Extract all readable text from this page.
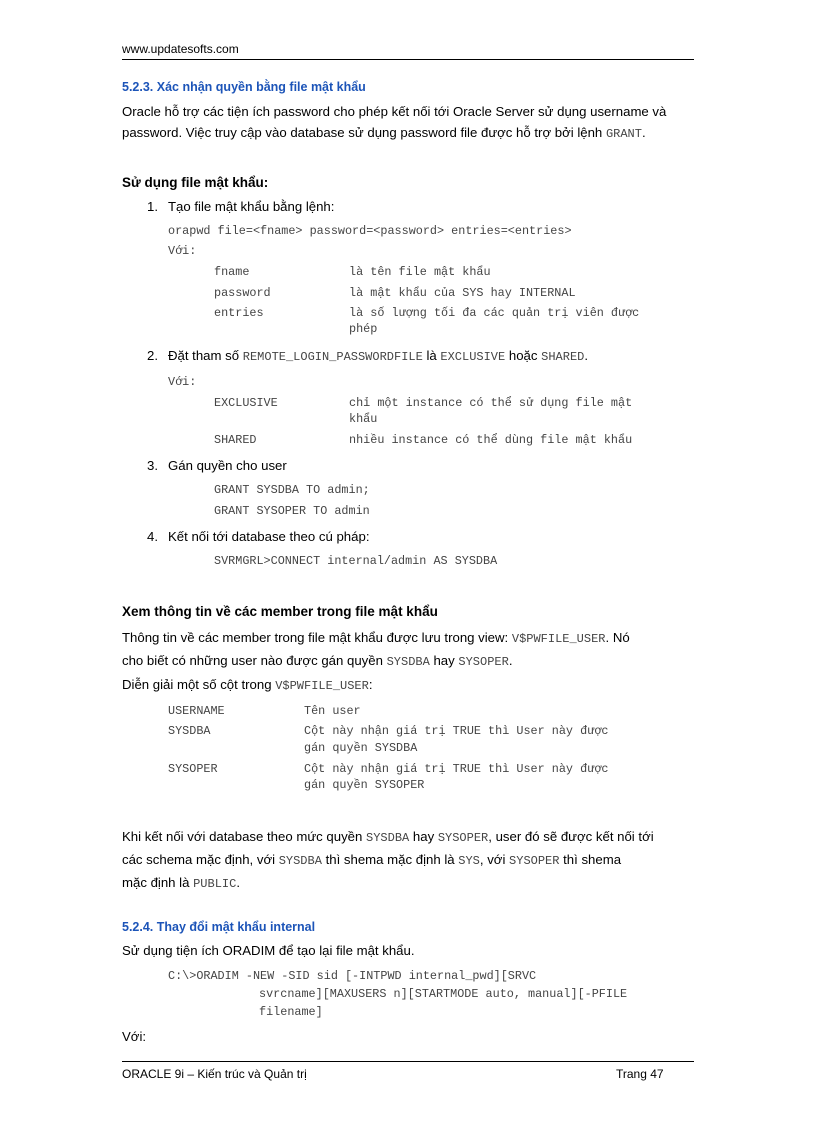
www.updatesofts.com
5.2.3. Xác nhận quyền bằng file mật khẩu
Oracle hỗ trợ các tiện ích password cho phép kết nối tới Oracle Server sử dụng username và
password. Việc truy cập vào database sử dụng password file được hỗ trợ bởi lệnh GRANT.
Sử dụng file mật khẩu:
1. Tạo file mật khẩu bằng lệnh:
orapwd file=<fname> password=<password> entries=<entries>
Với:
fname	là tên file mật khẩu
password	là mật khẩu của SYS hay INTERNAL
entries	là số lượng tối đa các quản trị viên được
phép
2. Đặt tham số REMOTE_LOGIN_PASSWORDFILE là EXCLUSIVE hoặc SHARED.
Với:
EXCLUSIVE	chỉ một instance có thể sử dụng file mật
khẩu
SHARED	nhiều instance có thể dùng file mật khẩu
3. Gán quyền cho user
GRANT SYSDBA TO admin;
GRANT SYSOPER TO admin
4. Kết nối tới database theo cú pháp:
SVRMGRL>CONNECT internal/admin AS SYSDBA
Xem thông tin về các member trong file mật khẩu
Thông tin về các member trong file mật khẩu được lưu trong view: V$PWFILE_USER. Nó
cho biết có những user nào được gán quyền SYSDBA hay SYSOPER.
Diễn giải một số cột trong V$PWFILE_USER:
USERNAME	Tên user
SYSDBA	Cột này nhận giá trị TRUE thì User này được
gán quyền SYSDBA
SYSOPER	Cột này nhận giá trị TRUE thì User này được
gán quyền SYSOPER
Khi kết nối với database theo mức quyền SYSDBA hay SYSOPER, user đó sẽ được kết nối tới
các schema mặc định, với SYSDBA thì shema mặc định là SYS, với SYSOPER thì shema
mặc định là PUBLIC.
5.2.4. Thay đổi mật khẩu internal
Sử dụng tiện ích ORADIM để tạo lại file mật khẩu.
C:\>ORADIM -NEW -SID sid [-INTPWD internal_pwd][SRVC
svrcname][MAXUSERS n][STARTMODE auto, manual][-PFILE
filename]
Với:
ORACLE 9i – Kiến trúc và Quản trị	Trang 47
